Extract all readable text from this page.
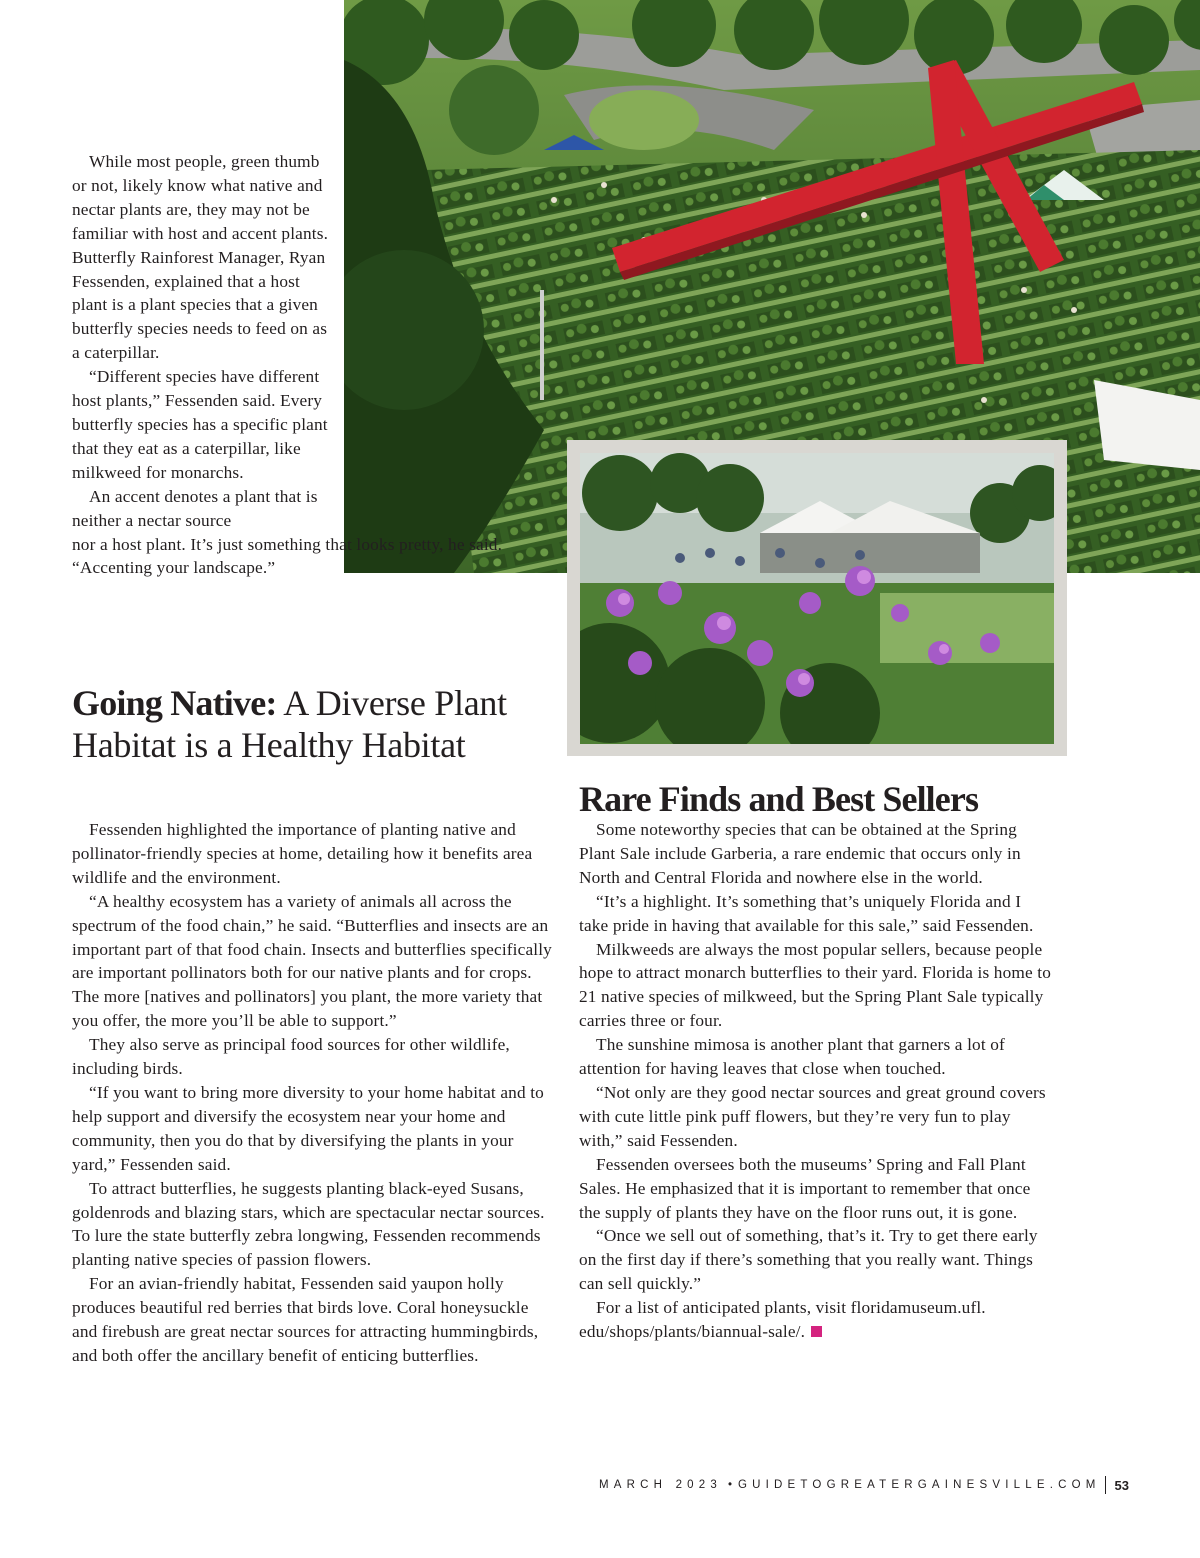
While most people, green thumb or not, likely know what native and nectar plants are, they may not be familiar with host and accent plants. Butterfly Rainforest Manager, Ryan Fessenden, explained that a host plant is a plant species that a given butterfly species needs to feed on as a caterpillar.

“Different species have different host plants,” Fessenden said. Every butterfly species has a specific plant that they eat as a caterpillar, like milkweed for monarchs.

An accent denotes a plant that is neither a nectar source

nor a host plant. It’s just something that looks pretty, he said. “Accenting your landscape.”
Going Native: A Diverse Plant Habitat is a Healthy Habitat
Rare Finds and Best Sellers

Fessenden highlighted the importance of planting native and pollinator-friendly species at home, detailing how it benefits area wildlife and the environment.

“A healthy ecosystem has a variety of animals all across the spectrum of the food chain,” he said. “Butterflies and insects are an important part of that food chain. Insects and butterflies specifically are important pollinators both for our native plants and for crops. The more [natives and pollinators] you plant, the more variety that you offer, the more you’ll be able to support.”

They also serve as principal food sources for other wildlife, including birds.

“If you want to bring more diversity to your home habitat and to help support and diversify the ecosystem near your home and community, then you do that by diversifying the plants in your yard,” Fessenden said.

To attract butterflies, he suggests planting black-eyed Susans, goldenrods and blazing stars, which are spectacular nectar sources. To lure the state butterfly zebra longwing, Fessenden recommends planting native species of passion flowers.

For an avian-friendly habitat, Fessenden said yaupon holly produces beautiful red berries that birds love. Coral honeysuckle and firebush are great nectar sources for attracting hummingbirds, and both offer the ancillary benefit of enticing butterflies.

Some noteworthy species that can be obtained at the Spring Plant Sale include Garberia, a rare endemic that occurs only in North and Central Florida and nowhere else in the world.

“It’s a highlight. It’s something that’s uniquely Florida and I take pride in having that available for this sale,” said Fessenden.

Milkweeds are always the most popular sellers, because people hope to attract monarch butterflies to their yard. Florida is home to 21 native species of milkweed, but the Spring Plant Sale typically carries three or four.

The sunshine mimosa is another plant that garners a lot of attention for having leaves that close when touched.

“Not only are they good nectar sources and great ground covers with cute little pink puff flowers, but they’re very fun to play with,” said Fessenden.

Fessenden oversees both the museums’ Spring and Fall Plant Sales. He emphasized that it is important to remember that once the supply of plants they have on the floor runs out, it is gone.

“Once we sell out of something, that’s it. Try to get there early on the first day if there’s something that you really want. Things can sell quickly.”

For a list of anticipated plants, visit floridamuseum.ufl. edu/shops/plants/biannual-sale/.

MARCH 2023 • GUIDETOGREATERGAINESVILLE.COM 53
